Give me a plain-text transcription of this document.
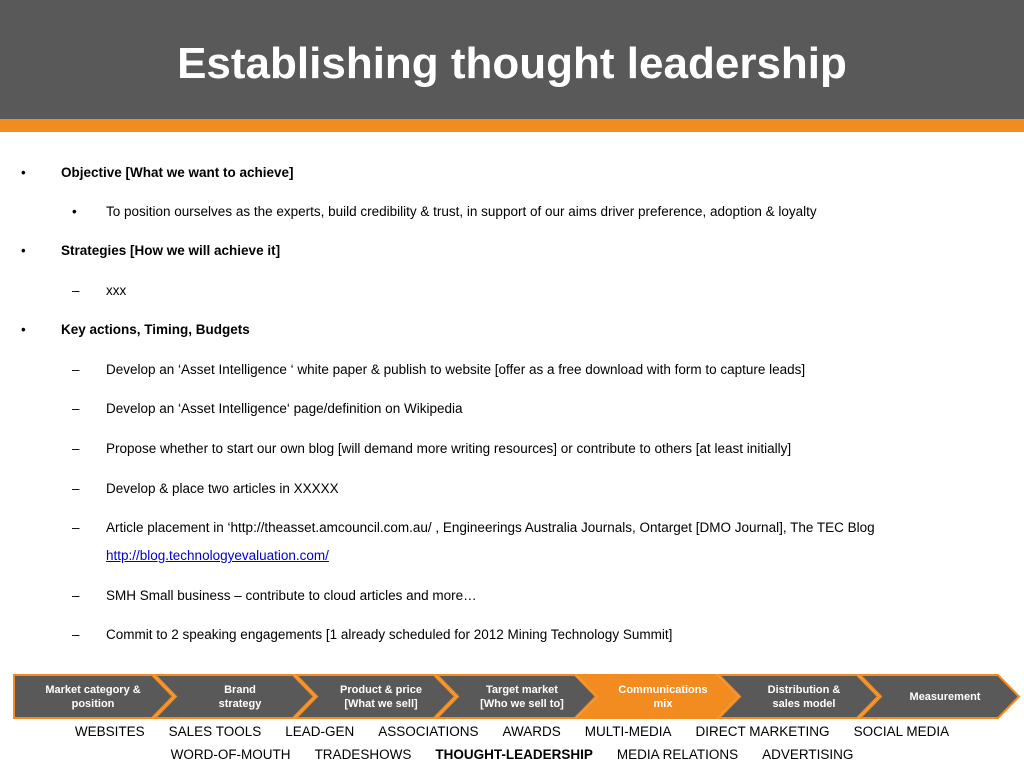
Establishing thought leadership
•	Objective [What we want to achieve]
• To position ourselves as the experts, build credibility & trust, in support of our aims driver preference, adoption & loyalty
•	Strategies [How we will achieve it]
– xxx
•	Key actions, Timing, Budgets
– Develop an ‘Asset Intelligence ‘ white paper & publish to website [offer as a free download with form to capture leads]
– Develop an ‘Asset Intelligence‘ page/definition on Wikipedia
– Propose whether to start our own blog [will demand more writing resources] or contribute to others [at least initially]
– Develop & place two articles in XXXXX
– Article placement in ‘http://theasset.amcouncil.com.au/ , Engineerings Australia Journals, Ontarget [DMO Journal], The TEC Blog
http://blog.technologyevaluation.com/
– SMH Small business – contribute to cloud articles and more…
– Commit to 2 speaking engagements [1 already scheduled for 2012 Mining Technology Summit]
Market category &
position
Brand
strategy
Product & price
[What we sell]
Target market
[Who we sell to]
Communications
mix
Distribution &
sales model
Measurement
WEBSITES SALES TOOLS LEAD-GEN ASSOCIATIONS AWARDS MULTI-MEDIA DIRECT MARKETING SOCIAL MEDIA
WORD-OF-MOUTH TRADESHOWS THOUGHT-LEADERSHIP MEDIA RELATIONS ADVERTISING
